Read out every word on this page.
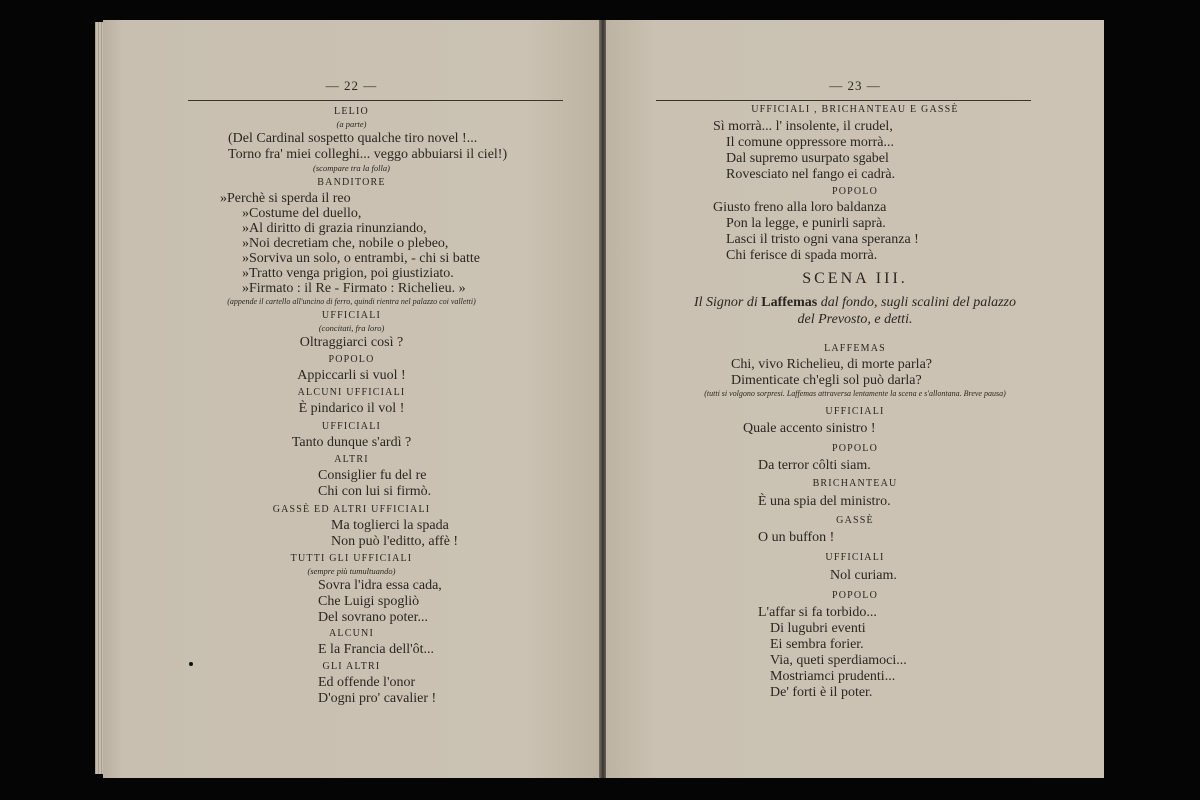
— 22 —
LELIO
(a parte)
(Del Cardinal sospetto qualche tiro novel !...
Torno fra' miei colleghi... veggo abbuiarsi il ciel!)
(scompare tra la folla)
BANDITORE
»Perchè si sperda il reo
»Costume del duello,
»Al diritto di grazia rinunziando,
»Noi decretiam che, nobile o plebeo,
»Sorviva un solo, o entrambi, - chi si batte
»Tratto venga prigion, poi giustiziato.
»Firmato : il Re - Firmato : Richelieu. »
(appende il cartello all'uncino di ferro, quindi rientra nel palazzo coi valletti)
UFFICIALI
(concitati, fra loro)
Oltraggiarci così ?
POPOLO
Appiccarli si vuol !
ALCUNI UFFICIALI
È pindarico il vol !
UFFICIALI
Tanto dunque s'ardì ?
ALTRI
Consiglier fu del re
Chi con lui si firmò.
GASSÈ ED ALTRI UFFICIALI
Ma toglierci la spada
Non può l'editto, affè !
TUTTI GLI UFFICIALI
(sempre più tumultuando)
Sovra l'idra essa cada,
Che Luigi spogliò
Del sovrano poter...
ALCUNI
E la Francia dell'ôt...
GLI ALTRI
Ed offende l'onor
D'ogni pro' cavalier !
— 23 —
UFFICIALI , BRICHANTEAU E GASSÈ
Sì morrà... l' insolente, il crudel,
Il comune oppressore morrà...
Dal supremo usurpato sgabel
Rovesciato nel fango ei cadrà.
POPOLO
Giusto freno alla loro baldanza
Pon la legge, e punirli saprà.
Lasci il tristo ogni vana speranza !
Chi ferisce di spada morrà.
SCENA III.
Il Signor di Laffemas dal fondo, sugli scalini del palazzo
del Prevosto, e detti.
LAFFEMAS
Chi, vivo Richelieu, di morte parla?
Dimenticate ch'egli sol può darla?
(tutti si volgono sorpresi. Laffemas attraversa lentamente la scena e s'allontana. Breve pausa)
UFFICIALI
Quale accento sinistro !
POPOLO
Da terror côlti siam.
BRICHANTEAU
È una spia del ministro.
GASSÈ
O un buffon !
UFFICIALI
Nol curiam.
POPOLO
L'affar si fa torbido...
Di lugubri eventi
Ei sembra forier.
Via, queti sperdiamoci...
Mostriamci prudenti...
De' forti è il poter.
